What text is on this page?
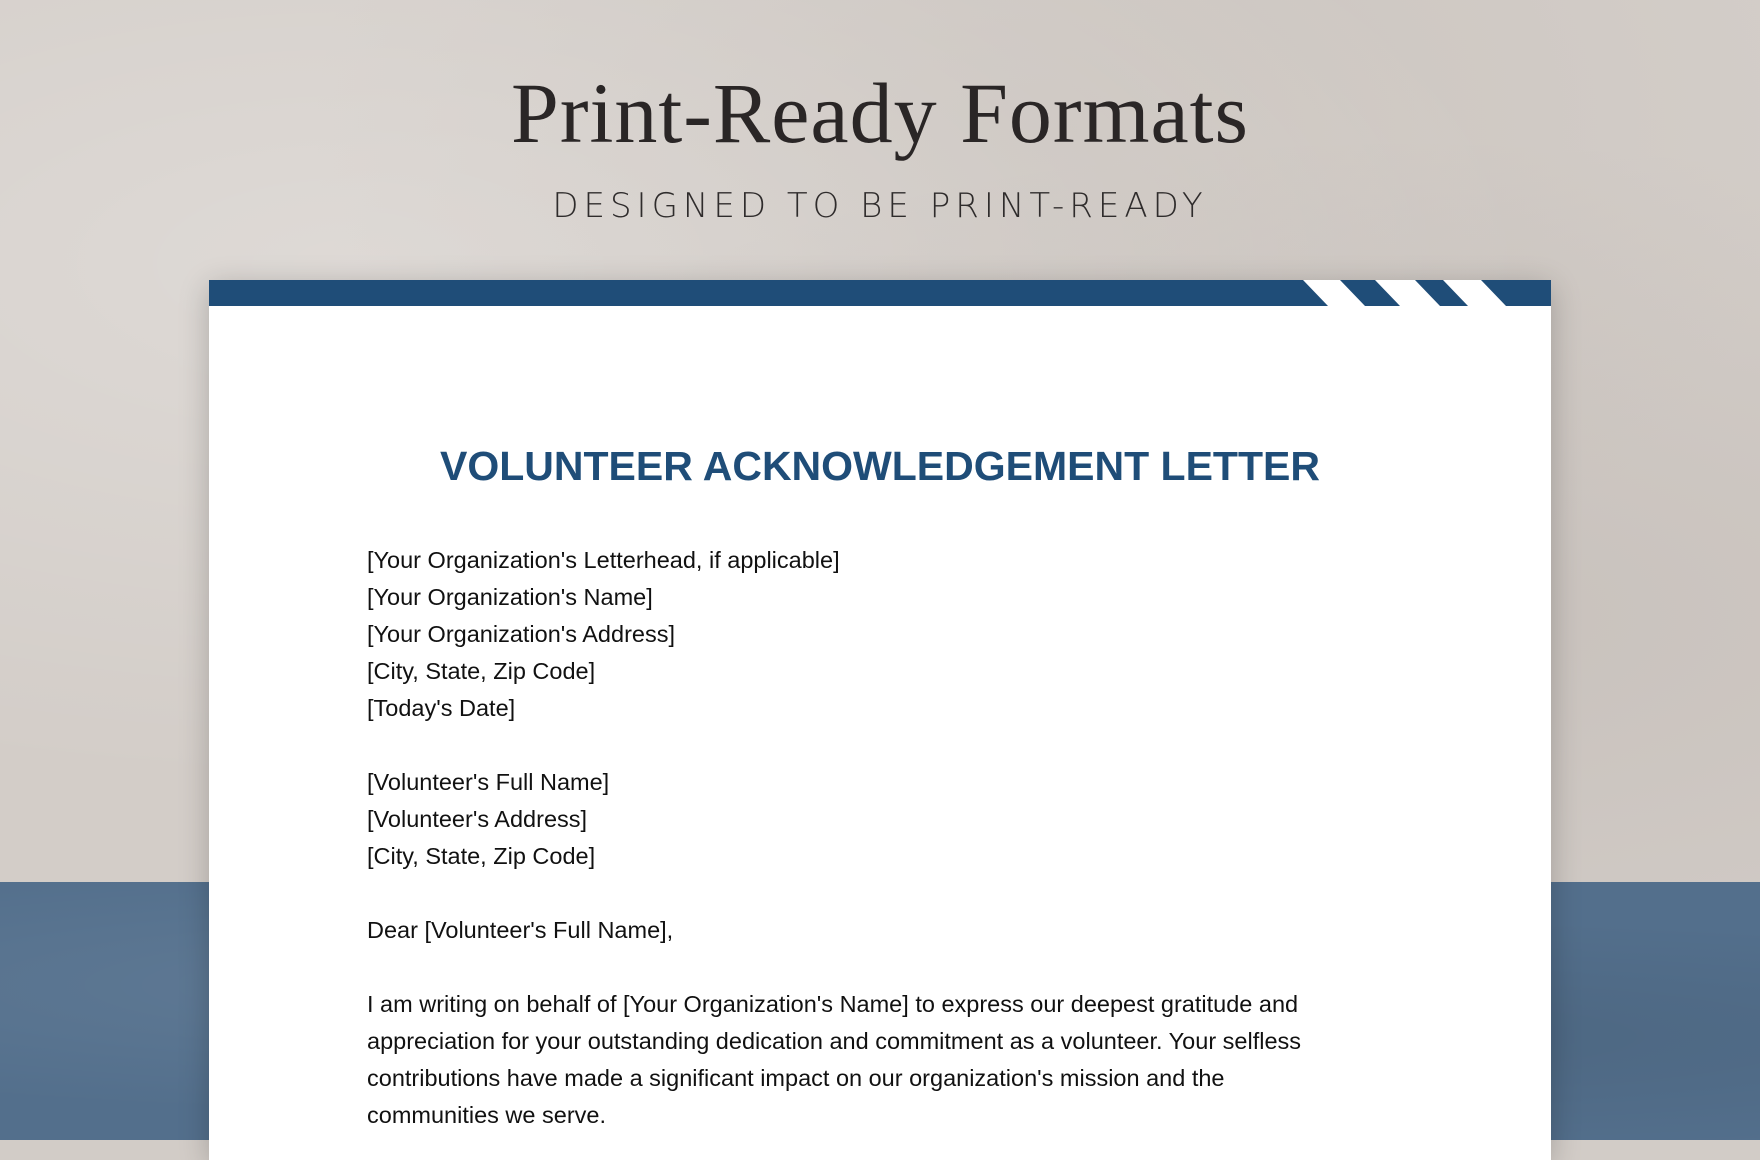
Print-Ready Formats
DESIGNED TO BE PRINT-READY
VOLUNTEER ACKNOWLEDGEMENT LETTER
[Your Organization's Letterhead, if applicable]
[Your Organization's Name]
[Your Organization's Address]
[City, State, Zip Code]
[Today's Date]
[Volunteer's Full Name]
[Volunteer's Address]
[City, State, Zip Code]
Dear [Volunteer's Full Name],
I am writing on behalf of [Your Organization's Name] to express our deepest gratitude and
appreciation for your outstanding dedication and commitment as a volunteer. Your selfless
contributions have made a significant impact on our organization's mission and the
communities we serve.
